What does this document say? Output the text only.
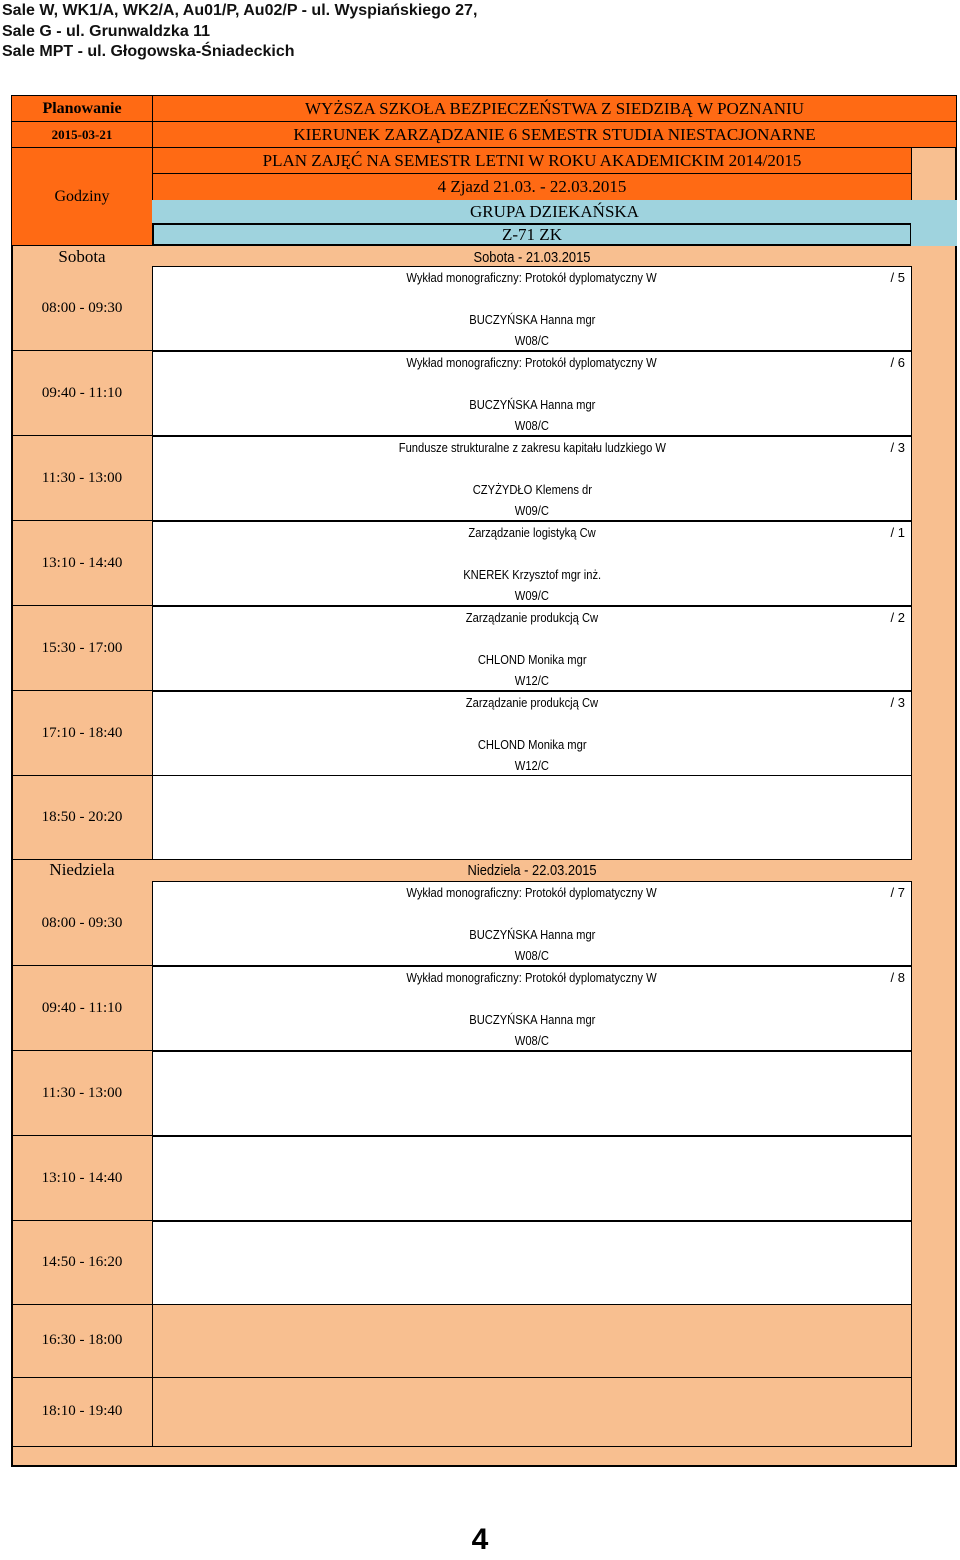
Sale W, WK1/A, WK2/A, Au01/P, Au02/P - ul. Wyspiańskiego 27,
Sale G - ul. Grunwaldzka 11
Sale MPT - ul. Głogowska-Śniadeckich
Planowanie
2015-03-21
Godziny
WYŻSZA SZKOŁA BEZPIECZEŃSTWA Z SIEDZIBĄ W POZNANIU
KIERUNEK ZARZĄDZANIE 6 SEMESTR STUDIA NIESTACJONARNE
PLAN ZAJĘĆ NA SEMESTR LETNI W ROKU AKADEMICKIM 2014/2015
4 Zjazd 21.03. - 22.03.2015
GRUPA DZIEKAŃSKA
Z-71 ZK
Sobota	Sobota - 21.03.2015
08:00 - 09:30
Wykład monograficzny: Protokół dyplomatyczny W
BUCZYŃSKA Hanna mgr
W08/C
/ 5
09:40 - 11:10
Wykład monograficzny: Protokół dyplomatyczny W
BUCZYŃSKA Hanna mgr
W08/C
/ 6
11:30 - 13:00
Fundusze strukturalne z zakresu kapitału ludzkiego W
CZYŻYDŁO Klemens dr
W09/C
/ 3
13:10 - 14:40
Zarządzanie logistyką Cw
KNEREK Krzysztof mgr inż.
W09/C
/ 1
15:30 - 17:00
Zarządzanie produkcją Cw
CHLOND Monika mgr
W12/C
/ 2
17:10 - 18:40
Zarządzanie produkcją Cw
CHLOND Monika mgr
W12/C
/ 3
18:50 - 20:20
Niedziela	Niedziela - 22.03.2015
08:00 - 09:30
Wykład monograficzny: Protokół dyplomatyczny W
BUCZYŃSKA Hanna mgr
W08/C
/ 7
09:40 - 11:10
Wykład monograficzny: Protokół dyplomatyczny W
BUCZYŃSKA Hanna mgr
W08/C
/ 8
11:30 - 13:00
13:10 - 14:40
14:50 - 16:20
16:30 - 18:00
18:10 - 19:40
4
